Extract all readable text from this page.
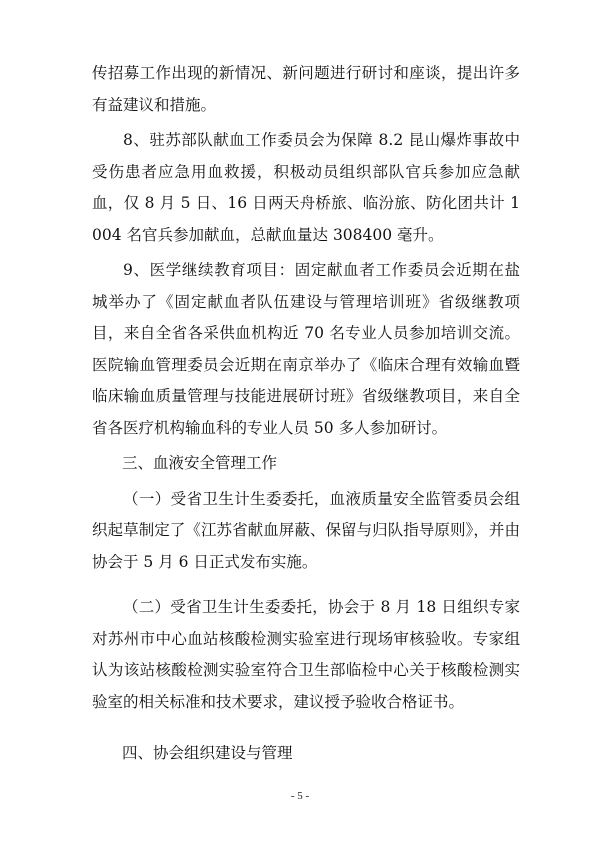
传招募工作出现的新情况、新问题进行研讨和座谈，提出许多有益建议和措施。

8、驻苏部队献血工作委员会为保障 8.2 昆山爆炸事故中受伤患者应急用血救援，积极动员组织部队官兵参加应急献血，仅 8 月 5 日、16 日两天舟桥旅、临汾旅、防化团共计 1004 名官兵参加献血，总献血量达 308400 毫升。

9、医学继续教育项目：固定献血者工作委员会近期在盐城举办了《固定献血者队伍建设与管理培训班》省级继教项目，来自全省各采供血机构近 70 名专业人员参加培训交流。医院输血管理委员会近期在南京举办了《临床合理有效输血暨临床输血质量管理与技能进展研讨班》省级继教项目，来自全省各医疗机构输血科的专业人员 50 多人参加研讨。

三、血液安全管理工作

（一）受省卫生计生委委托，血液质量安全监管委员会组织起草制定了《江苏省献血屏蔽、保留与归队指导原则》，并由协会于 5 月 6 日正式发布实施。

（二）受省卫生计生委委托，协会于 8 月 18 日组织专家对苏州市中心血站核酸检测实验室进行现场审核验收。专家组认为该站核酸检测实验室符合卫生部临检中心关于核酸检测实验室的相关标准和技术要求，建议授予验收合格证书。

四、协会组织建设与管理

- 5 -
